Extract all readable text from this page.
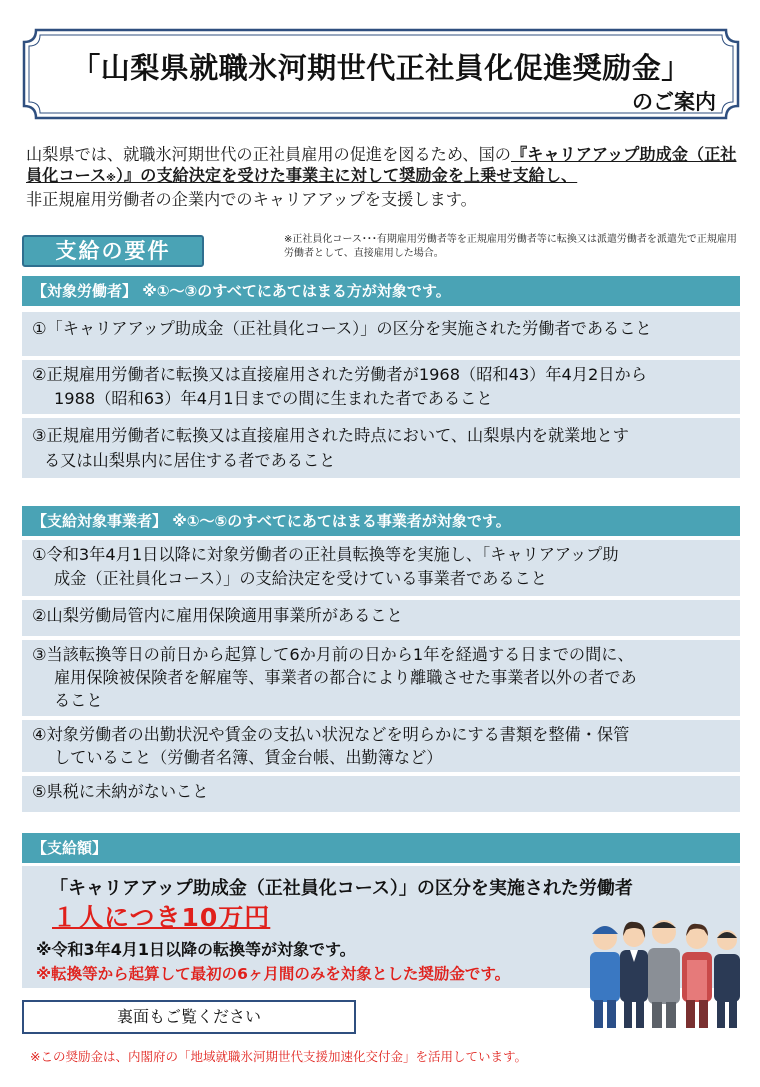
「山梨県就職氷河期世代正社員化促進奨励金」
のご案内
山梨県では、就職氷河期世代の正社員雇用の促進を図るため、国の『キャリアアップ助成金（正社員化コース※）』の支給決定を受けた事業主に対して奨励金を上乗せ支給し、
非正規雇用労働者の企業内でのキャリアアップを支援します。
支給の要件	※正社員化コース･･･有期雇用労働者等を正規雇用労働者等に転換又は派遣労働者を派遣先で正規雇用労働者として、直接雇用した場合。
【対象労働者】 ※①～③のすべてにあてはまる方が対象です。
①「キャリアアップ助成金（正社員化コース）」の区分を実施された労働者であること
②正規雇用労働者に転換又は直接雇用された労働者が1968（昭和43）年4月2日から
1988（昭和63）年4月1日までの間に生まれた者であること
③正規雇用労働者に転換又は直接雇用された時点において、山梨県内を就業地とす
る又は山梨県内に居住する者であること
【支給対象事業者】 ※①～⑤のすべてにあてはまる事業者が対象です。
①令和3年4月1日以降に対象労働者の正社員転換等を実施し、「キャリアアップ助
成金（正社員化コース）」の支給決定を受けている事業者であること
②山梨労働局管内に雇用保険適用事業所があること
③当該転換等日の前日から起算して6か月前の日から1年を経過する日までの間に、
雇用保険被保険者を解雇等、事業者の都合により離職させた事業者以外の者であ
ること
④対象労働者の出勤状況や賃金の支払い状況などを明らかにする書類を整備・保管
していること（労働者名簿、賃金台帳、出勤簿など）
⑤県税に未納がないこと
【支給額】
「キャリアアップ助成金（正社員化コース）」の区分を実施された労働者
１人につき10万円
※令和3年4月1日以降の転換等が対象です。
※転換等から起算して最初の6ヶ月間のみを対象とした奨励金です。
裏面もご覧ください
※この奨励金は、内閣府の「地域就職氷河期世代支援加速化交付金」を活用しています。
